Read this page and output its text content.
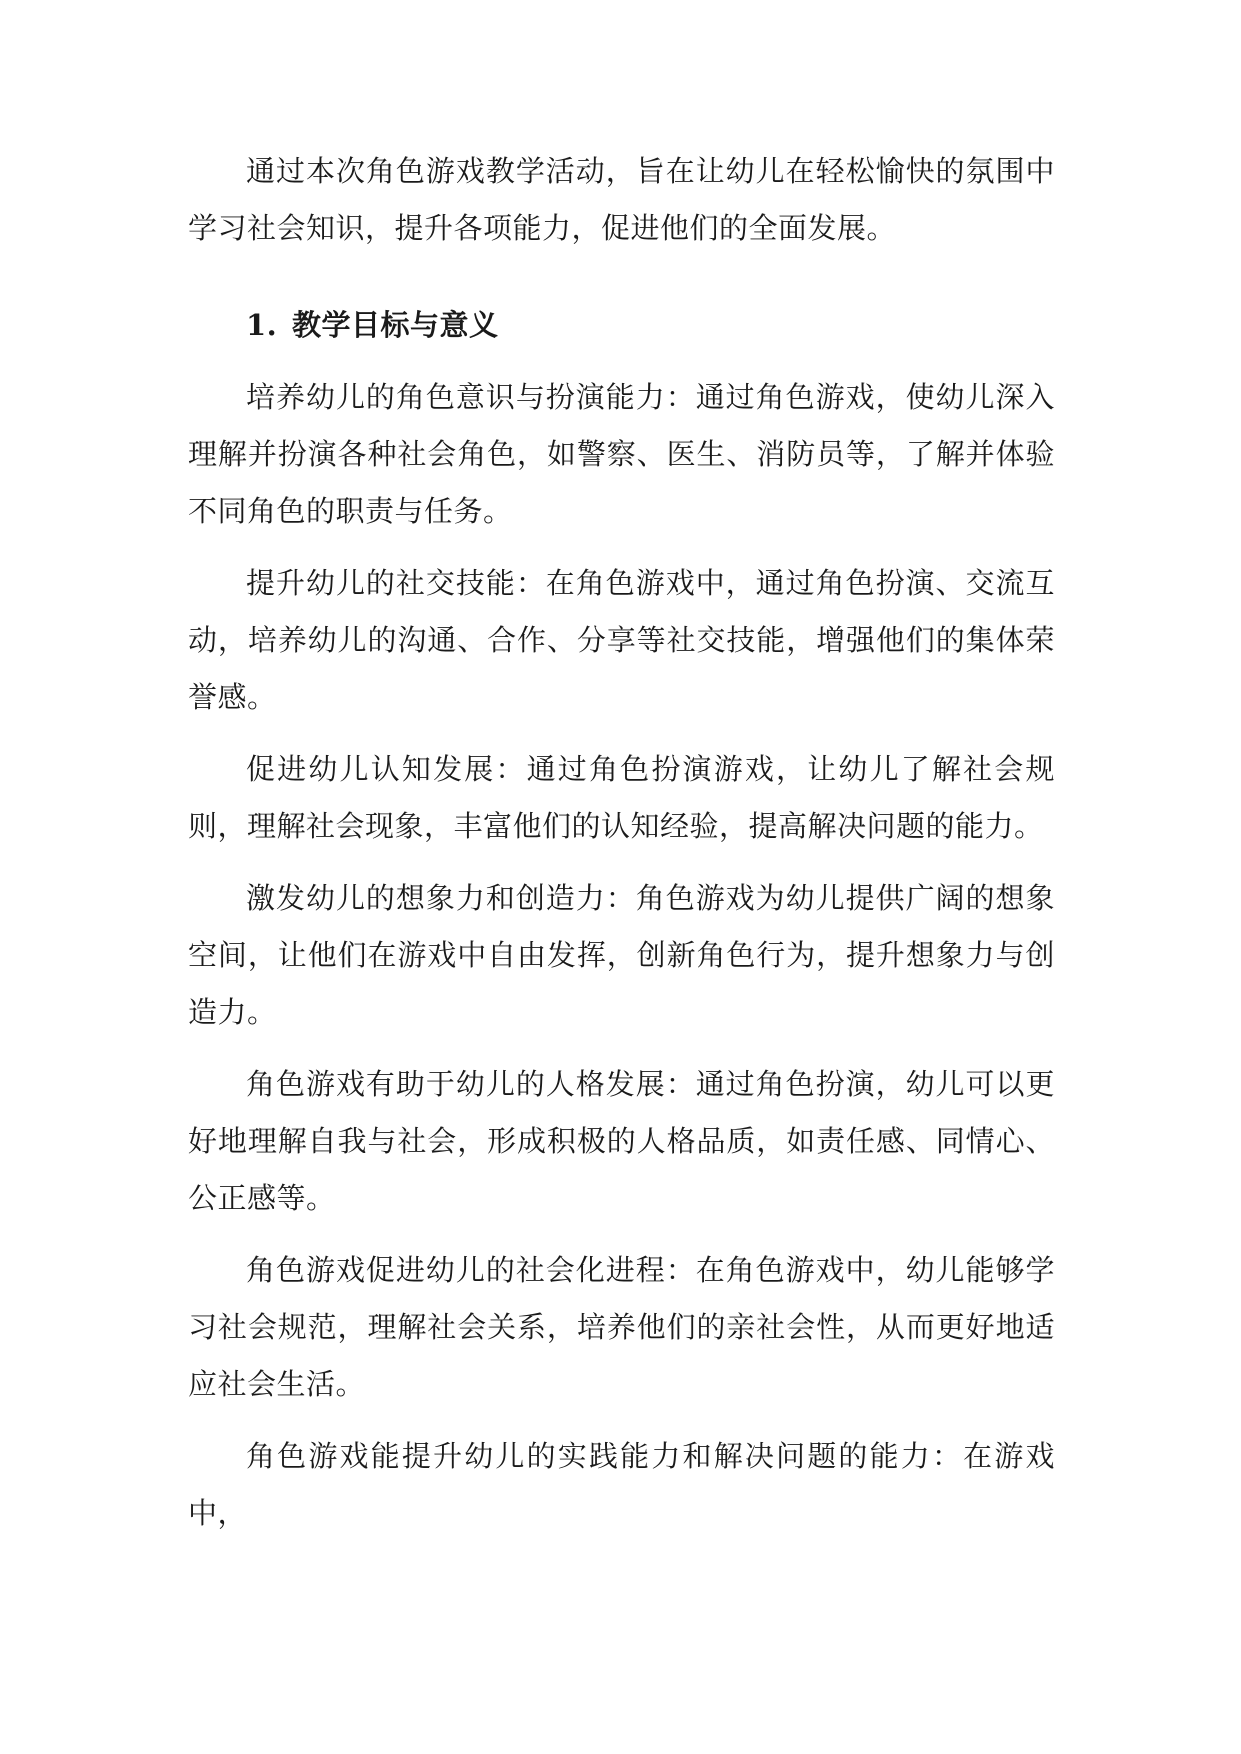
通过本次角色游戏教学活动，旨在让幼儿在轻松愉快的氛围中学习社会知识，提升各项能力，促进他们的全面发展。

1. 教学目标与意义

培养幼儿的角色意识与扮演能力：通过角色游戏，使幼儿深入理解并扮演各种社会角色，如警察、医生、消防员等，了解并体验不同角色的职责与任务。

提升幼儿的社交技能：在角色游戏中，通过角色扮演、交流互动，培养幼儿的沟通、合作、分享等社交技能，增强他们的集体荣誉感。

促进幼儿认知发展：通过角色扮演游戏，让幼儿了解社会规则，理解社会现象，丰富他们的认知经验，提高解决问题的能力。

激发幼儿的想象力和创造力：角色游戏为幼儿提供广阔的想象空间，让他们在游戏中自由发挥，创新角色行为，提升想象力与创造力。

角色游戏有助于幼儿的人格发展：通过角色扮演，幼儿可以更好地理解自我与社会，形成积极的人格品质，如责任感、同情心、公正感等。

角色游戏促进幼儿的社会化进程：在角色游戏中，幼儿能够学习社会规范，理解社会关系，培养他们的亲社会性，从而更好地适应社会生活。

角色游戏能提升幼儿的实践能力和解决问题的能力：在游戏中，
